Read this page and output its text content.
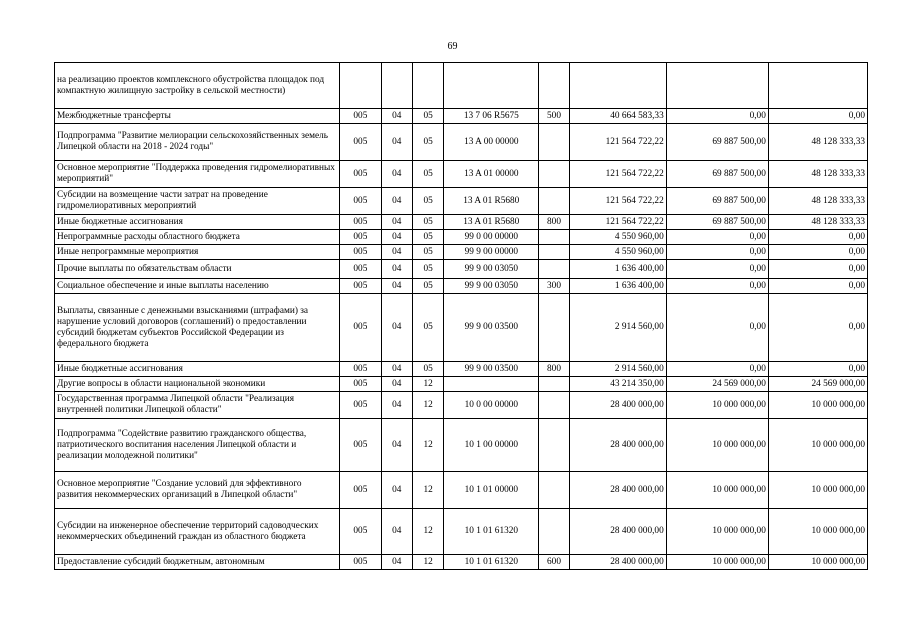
69
на реализацию проектов комплексного обустройства площадок под компактную жилищную застройку в сельской местности)								
Межбюджетные трансферты	005	04	05	13 7 06 R5675	500	40 664 583,33	0,00	0,00
Подпрограмма "Развитие мелиорации сельскохозяйственных земель Липецкой области на 2018 - 2024 годы"	005	04	05	13 A 00 00000		121 564 722,22	69 887 500,00	48 128 333,33
Основное мероприятие "Поддержка проведения гидромелиоративных мероприятий"	005	04	05	13 A 01 00000		121 564 722,22	69 887 500,00	48 128 333,33
Субсидии на возмещение части затрат на проведение гидромелиоративных мероприятий	005	04	05	13 A 01 R5680		121 564 722,22	69 887 500,00	48 128 333,33
Иные бюджетные ассигнования	005	04	05	13 A 01 R5680	800	121 564 722,22	69 887 500,00	48 128 333,33
Непрограммные расходы областного бюджета	005	04	05	99 0 00 00000		4 550 960,00	0,00	0,00
Иные непрограммные мероприятия	005	04	05	99 9 00 00000		4 550 960,00	0,00	0,00
Прочие выплаты по обязательствам области	005	04	05	99 9 00 03050		1 636 400,00	0,00	0,00
Социальное обеспечение и иные выплаты населению	005	04	05	99 9 00 03050	300	1 636 400,00	0,00	0,00
Выплаты, связанные с денежными взысканиями (штрафами) за нарушение условий договоров (соглашений) о предоставлении субсидий бюджетам субъектов Российской Федерации из федерального бюджета	005	04	05	99 9 00 03500		2 914 560,00	0,00	0,00
Иные бюджетные ассигнования	005	04	05	99 9 00 03500	800	2 914 560,00	0,00	0,00
Другие вопросы в области национальной экономики	005	04	12			43 214 350,00	24 569 000,00	24 569 000,00
Государственная программа Липецкой области "Реализация внутренней политики Липецкой области"	005	04	12	10 0 00 00000		28 400 000,00	10 000 000,00	10 000 000,00
Подпрограмма "Содействие развитию гражданского общества, патриотического воспитания населения Липецкой области и реализации молодежной политики"	005	04	12	10 1 00 00000		28 400 000,00	10 000 000,00	10 000 000,00
Основное мероприятие "Создание условий для эффективного развития некоммерческих организаций в Липецкой области"	005	04	12	10 1 01 00000		28 400 000,00	10 000 000,00	10 000 000,00
Субсидии на инженерное обеспечение территорий садоводческих некоммерческих объединений граждан из областного бюджета	005	04	12	10 1 01 61320		28 400 000,00	10 000 000,00	10 000 000,00
Предоставление субсидий бюджетным, автономным	005	04	12	10 1 01 61320	600	28 400 000,00	10 000 000,00	10 000 000,00
